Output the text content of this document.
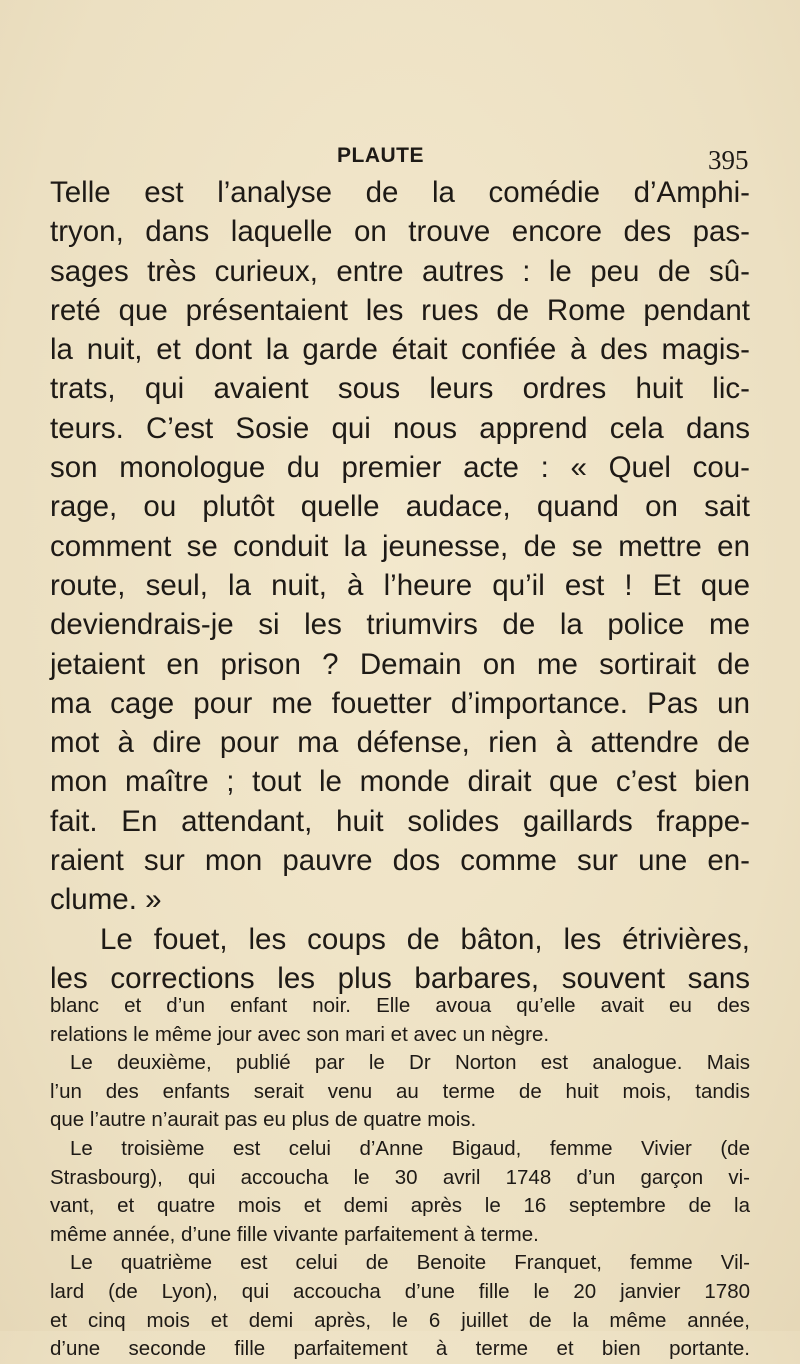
PLAUTE	395
Telle est l’analyse de la comédie d’Amphi-
tryon, dans laquelle on trouve encore des pas-
sages très curieux, entre autres : le peu de sû-
reté que présentaient les rues de Rome pendant
la nuit, et dont la garde était confiée à des magis-
trats, qui avaient sous leurs ordres huit lic-
teurs. C’est Sosie qui nous apprend cela dans
son monologue du premier acte : « Quel cou-
rage, ou plutôt quelle audace, quand on sait
comment se conduit la jeunesse, de se mettre en
route, seul, la nuit, à l’heure qu’il est ! Et que
deviendrais-je si les triumvirs de la police me
jetaient en prison ? Demain on me sortirait de
ma cage pour me fouetter d’importance. Pas un
mot à dire pour ma défense, rien à attendre de
mon maître ; tout le monde dirait que c’est bien
fait. En attendant, huit solides gaillards frappe-
raient sur mon pauvre dos comme sur une en-
clume. »
Le fouet, les coups de bâton, les étrivières,
les corrections les plus barbares, souvent sans
blanc et d’un enfant noir. Elle avoua qu’elle avait eu des
relations le même jour avec son mari et avec un nègre.
Le deuxième, publié par le Dr Norton est analogue. Mais
l’un des enfants serait venu au terme de huit mois, tandis
que l’autre n’aurait pas eu plus de quatre mois.
Le troisième est celui d’Anne Bigaud, femme Vivier (de
Strasbourg), qui accoucha le 30 avril 1748 d’un garçon vi-
vant, et quatre mois et demi après le 16 septembre de la
même année, d’une fille vivante parfaitement à terme.
Le quatrième est celui de Benoite Franquet, femme Vil-
lard (de Lyon), qui accoucha d’une fille le 20 janvier 1780
et cinq mois et demi après, le 6 juillet de la même année,
d’une seconde fille parfaitement à terme et bien portante.
